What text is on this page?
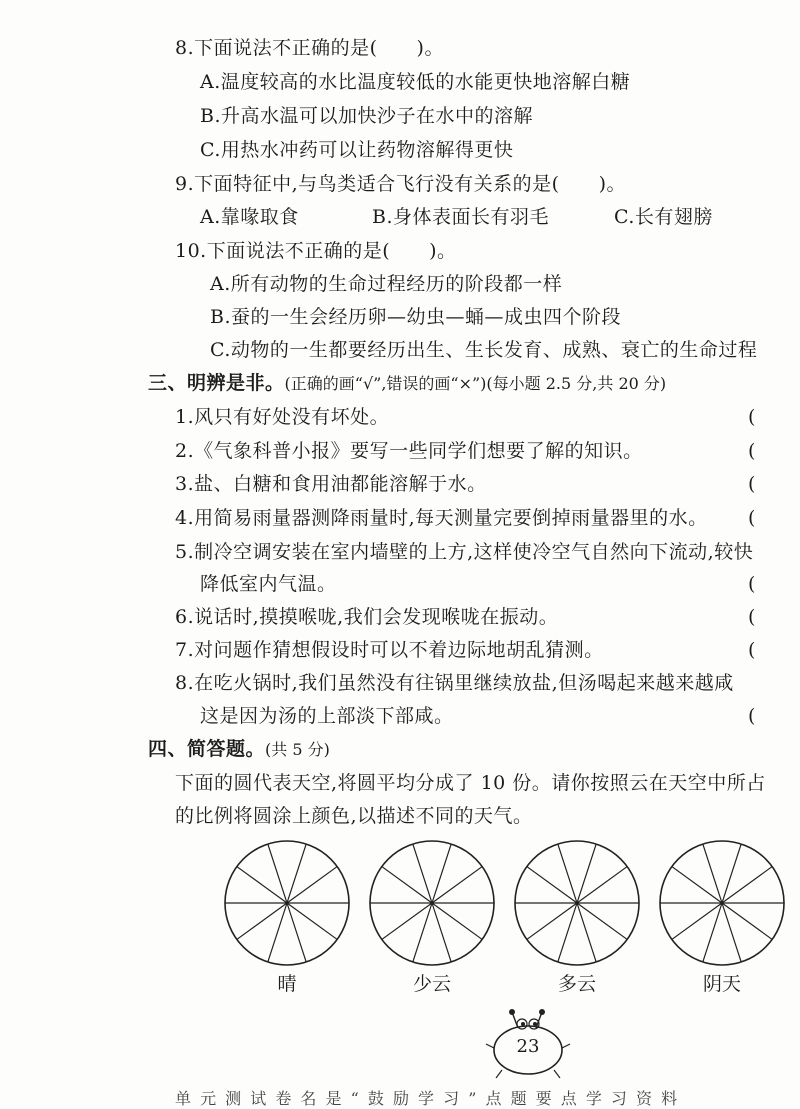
8.下面说法不正确的是(　　)。
A.温度较高的水比温度较低的水能更快地溶解白糖
B.升高水温可以加快沙子在水中的溶解
C.用热水冲药可以让药物溶解得更快
9.下面特征中,与鸟类适合飞行没有关系的是(　　)。
A.靠喙取食	B.身体表面长有羽毛	C.长有翅膀
10.下面说法不正确的是(　　)。
A.所有动物的生命过程经历的阶段都一样
B.蚕的一生会经历卵—幼虫—蛹—成虫四个阶段
C.动物的一生都要经历出生、生长发育、成熟、衰亡的生命过程
三、明辨是非。(正确的画“√”,错误的画“×”)(每小题 2.5 分,共 20 分)
1.风只有好处没有坏处。	(
2.《气象科普小报》要写一些同学们想要了解的知识。	(
3.盐、白糖和食用油都能溶解于水。	(
4.用简易雨量器测降雨量时,每天测量完要倒掉雨量器里的水。 (
5.制冷空调安装在室内墙壁的上方,这样使冷空气自然向下流动,较快
降低室内气温。	(
6.说话时,摸摸喉咙,我们会发现喉咙在振动。	(
7.对问题作猜想假设时可以不着边际地胡乱猜测。	(
8.在吃火锅时,我们虽然没有往锅里继续放盐,但汤喝起来越来越咸
这是因为汤的上部淡下部咸。	(
四、简答题。(共 5 分)
下面的圆代表天空,将圆平均分成了 10 份。请你按照云在天空中所占
的比例将圆涂上颜色,以描述不同的天气。
晴	少云	多云	阴天
23
单 元 测 试 卷 名 是 “ 鼓 励 学 习 ” 点 题 要 点 学 习 资 料
